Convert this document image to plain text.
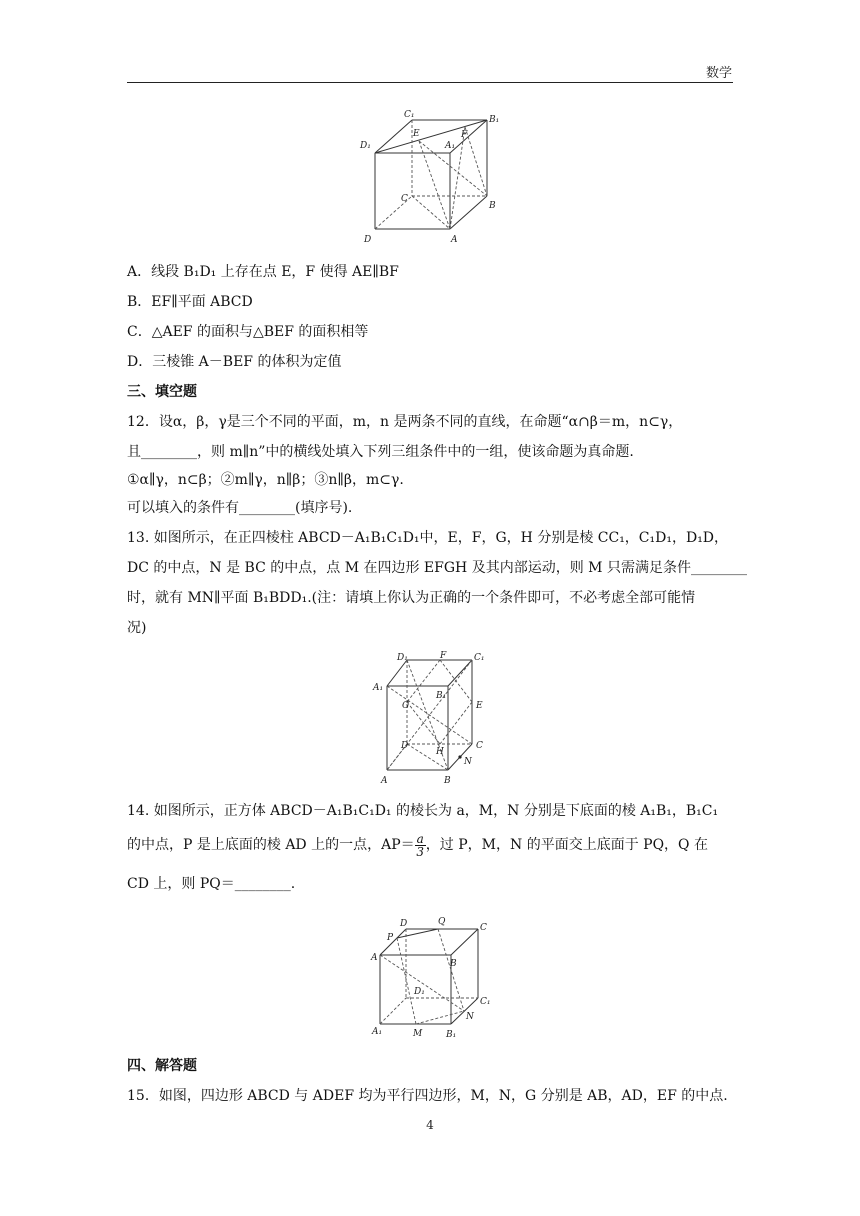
数学
C₁	B₁
D₁	A₁
E	F
C
B
D	A
A．线段 B₁D₁ 上存在点 E，F 使得 AE∥BF
B．EF∥平面 ABCD
C．△AEF 的面积与△BEF 的面积相等
D．三棱锥 A－BEF 的体积为定值
三、填空题
12．设α，β，γ是三个不同的平面，m，n 是两条不同的直线，在命题“α∩β＝m，n⊂γ，
且________，则 m∥n”中的横线处填入下列三组条件中的一组，使该命题为真命题.
①α∥γ，n⊂β；②m∥γ，n∥β；③n∥β，m⊂γ.
可以填入的条件有________(填序号).
13. 如图所示，在正四棱柱 ABCD－A₁B₁C₁D₁中，E，F，G，H 分别是棱 CC₁，C₁D₁，D₁D，
DC 的中点，N 是 BC 的中点，点 M 在四边形 EFGH 及其内部运动，则 M 只需满足条件________
时，就有 MN∥平面 B₁BDD₁.(注：请填上你认为正确的一个条件即可，不必考虑全部可能情
况)
D₁	F	C₁
A₁
B₁
G	E
D	C
H
N
A	B
14. 如图所示，正方体 ABCD－A₁B₁C₁D₁ 的棱长为 a，M，N 分别是下底面的棱 A₁B₁，B₁C₁
的中点，P 是上底面的棱 AD 上的一点，$AP= \frac{a}{3}$ ，过 P，M，N 的平面交上底面于 PQ，Q 在
CD 上，则 PQ＝________.
D	Q
C
P
A
B
D₁
C₁
A₁	M	B₁
N
四、解答题
15．如图，四边形 ABCD 与 ADEF 均为平行四边形，M，N，G 分别是 AB，AD，EF 的中点.
4
